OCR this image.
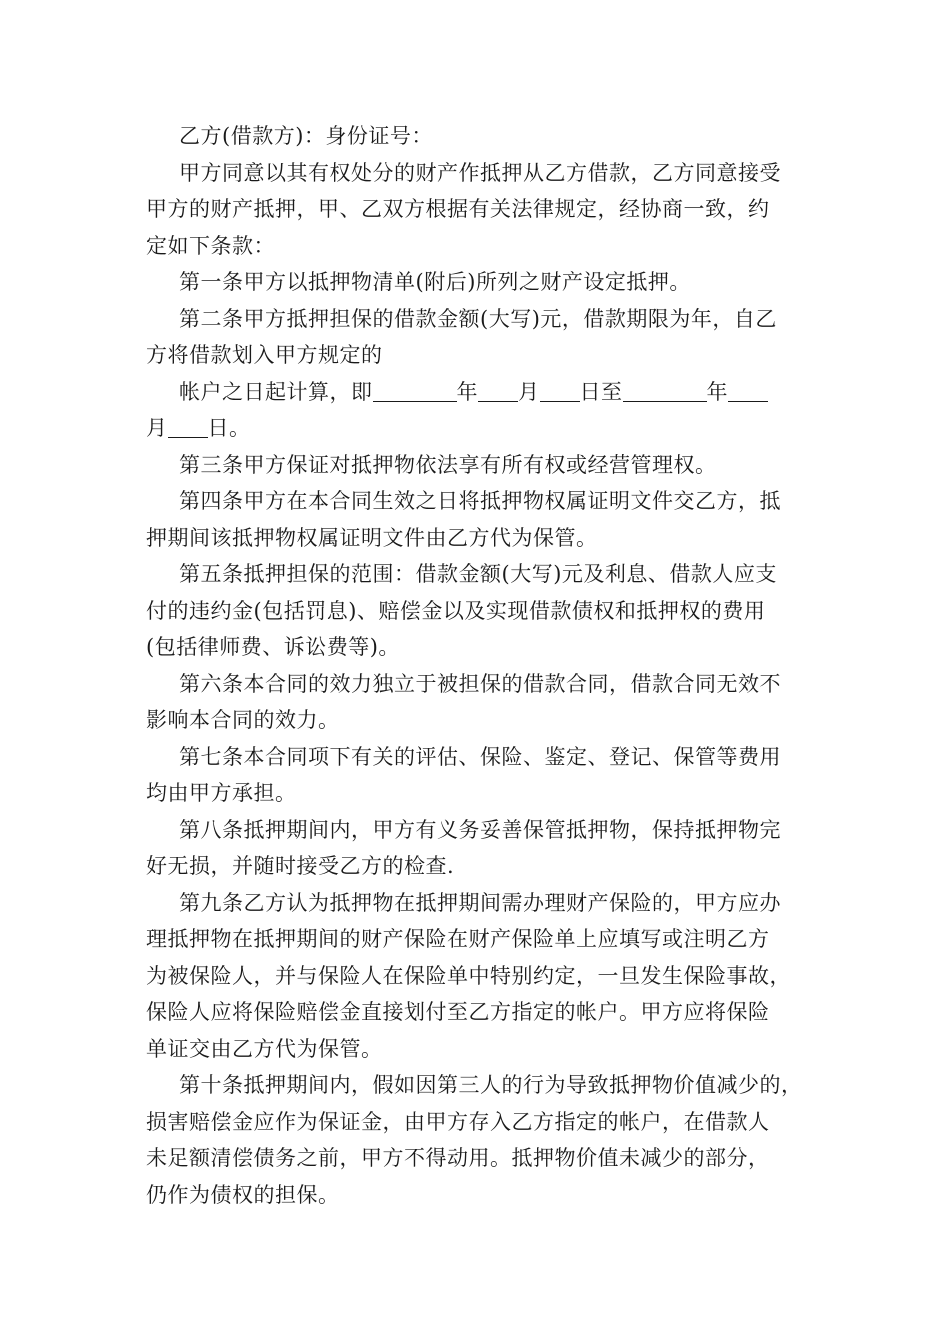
乙方(借款方)：身份证号：
甲方同意以其有权处分的财产作抵押从乙方借款，乙方同意接受
甲方的财产抵押，甲、乙双方根据有关法律规定，经协商一致，约
定如下条款：
第一条甲方以抵押物清单(附后)所列之财产设定抵押。
第二条甲方抵押担保的借款金额(大写)元，借款期限为年，自乙
方将借款划入甲方规定的
帐户之日起计算，即	年 月 日至	年
月 日。
第三条甲方保证对抵押物依法享有所有权或经营管理权。
第四条甲方在本合同生效之日将抵押物权属证明文件交乙方，抵
押期间该抵押物权属证明文件由乙方代为保管。
第五条抵押担保的范围：借款金额(大写)元及利息、借款人应支
付的违约金(包括罚息)、赔偿金以及实现借款债权和抵押权的费用
(包括律师费、诉讼费等)。
第六条本合同的效力独立于被担保的借款合同，借款合同无效不
影响本合同的效力。
第七条本合同项下有关的评估、保险、鉴定、登记、保管等费用
均由甲方承担。
第八条抵押期间内，甲方有义务妥善保管抵押物，保持抵押物完
好无损，并随时接受乙方的检查.
第九条乙方认为抵押物在抵押期间需办理财产保险的，甲方应办
理抵押物在抵押期间的财产保险在财产保险单上应填写或注明乙方
为被保险人，并与保险人在保险单中特别约定，一旦发生保险事故，
保险人应将保险赔偿金直接划付至乙方指定的帐户。甲方应将保险
单证交由乙方代为保管。
第十条抵押期间内，假如因第三人的行为导致抵押物价值减少的，
损害赔偿金应作为保证金，由甲方存入乙方指定的帐户，在借款人
未足额清偿债务之前，甲方不得动用。抵押物价值未减少的部分，
仍作为债权的担保。
